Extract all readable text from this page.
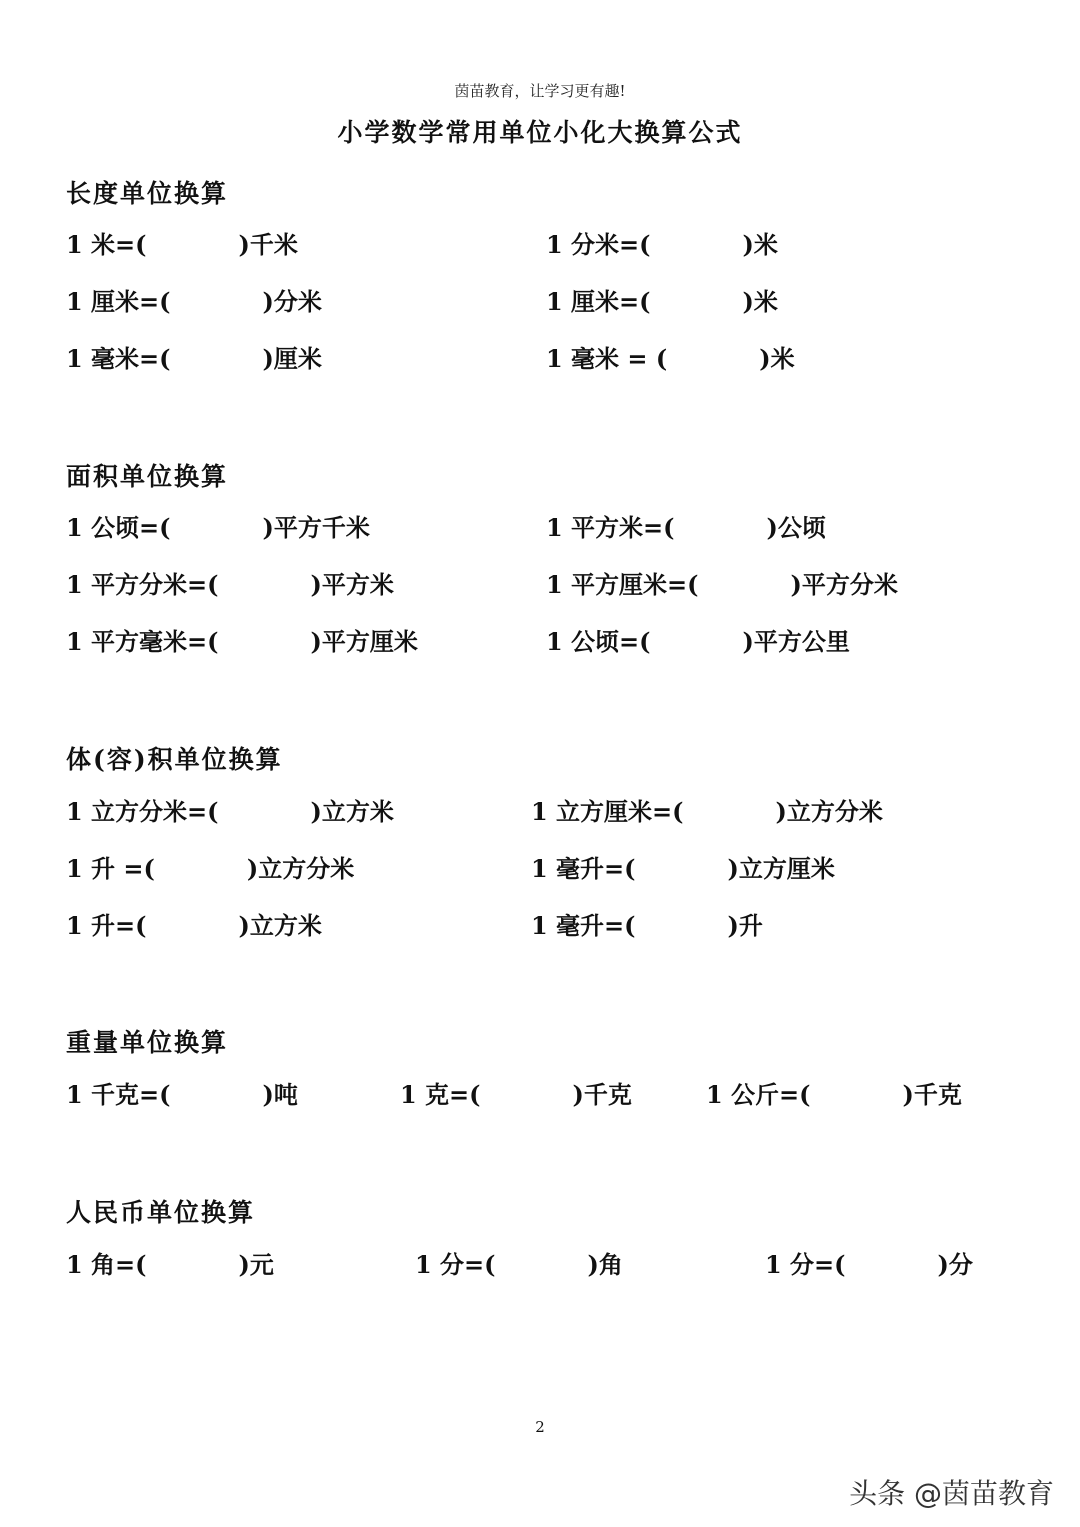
茵苗教育，让学习更有趣!
小学数学常用单位小化大换算公式
长度单位换算
1 米=(	)千米	1 分米=(	)米
1 厘米=(	)分米	1 厘米=(	)米
1 毫米=(	)厘米	1 毫米 = (	)米
面积单位换算
1 公顷=(	)平方千米	1 平方米=(	)公顷
1 平方分米=(	)平方米	1 平方厘米=(	)平方分米
1 平方毫米=(	)平方厘米	1 公顷=(	)平方公里
体(容)积单位换算
1 立方分米=(	)立方米	1 立方厘米=(	)立方分米
1 升 =(	)立方分米	1 毫升=(	)立方厘米
1 升=(	)立方米	1 毫升=(	)升
重量单位换算
1 千克=(	)吨	1 克=(	)千克	1 公斤=(	)千克
人民币单位换算
1 角=(	)元	1 分=(	)角	1 分=(	)分
2
头条 @茵苗教育
